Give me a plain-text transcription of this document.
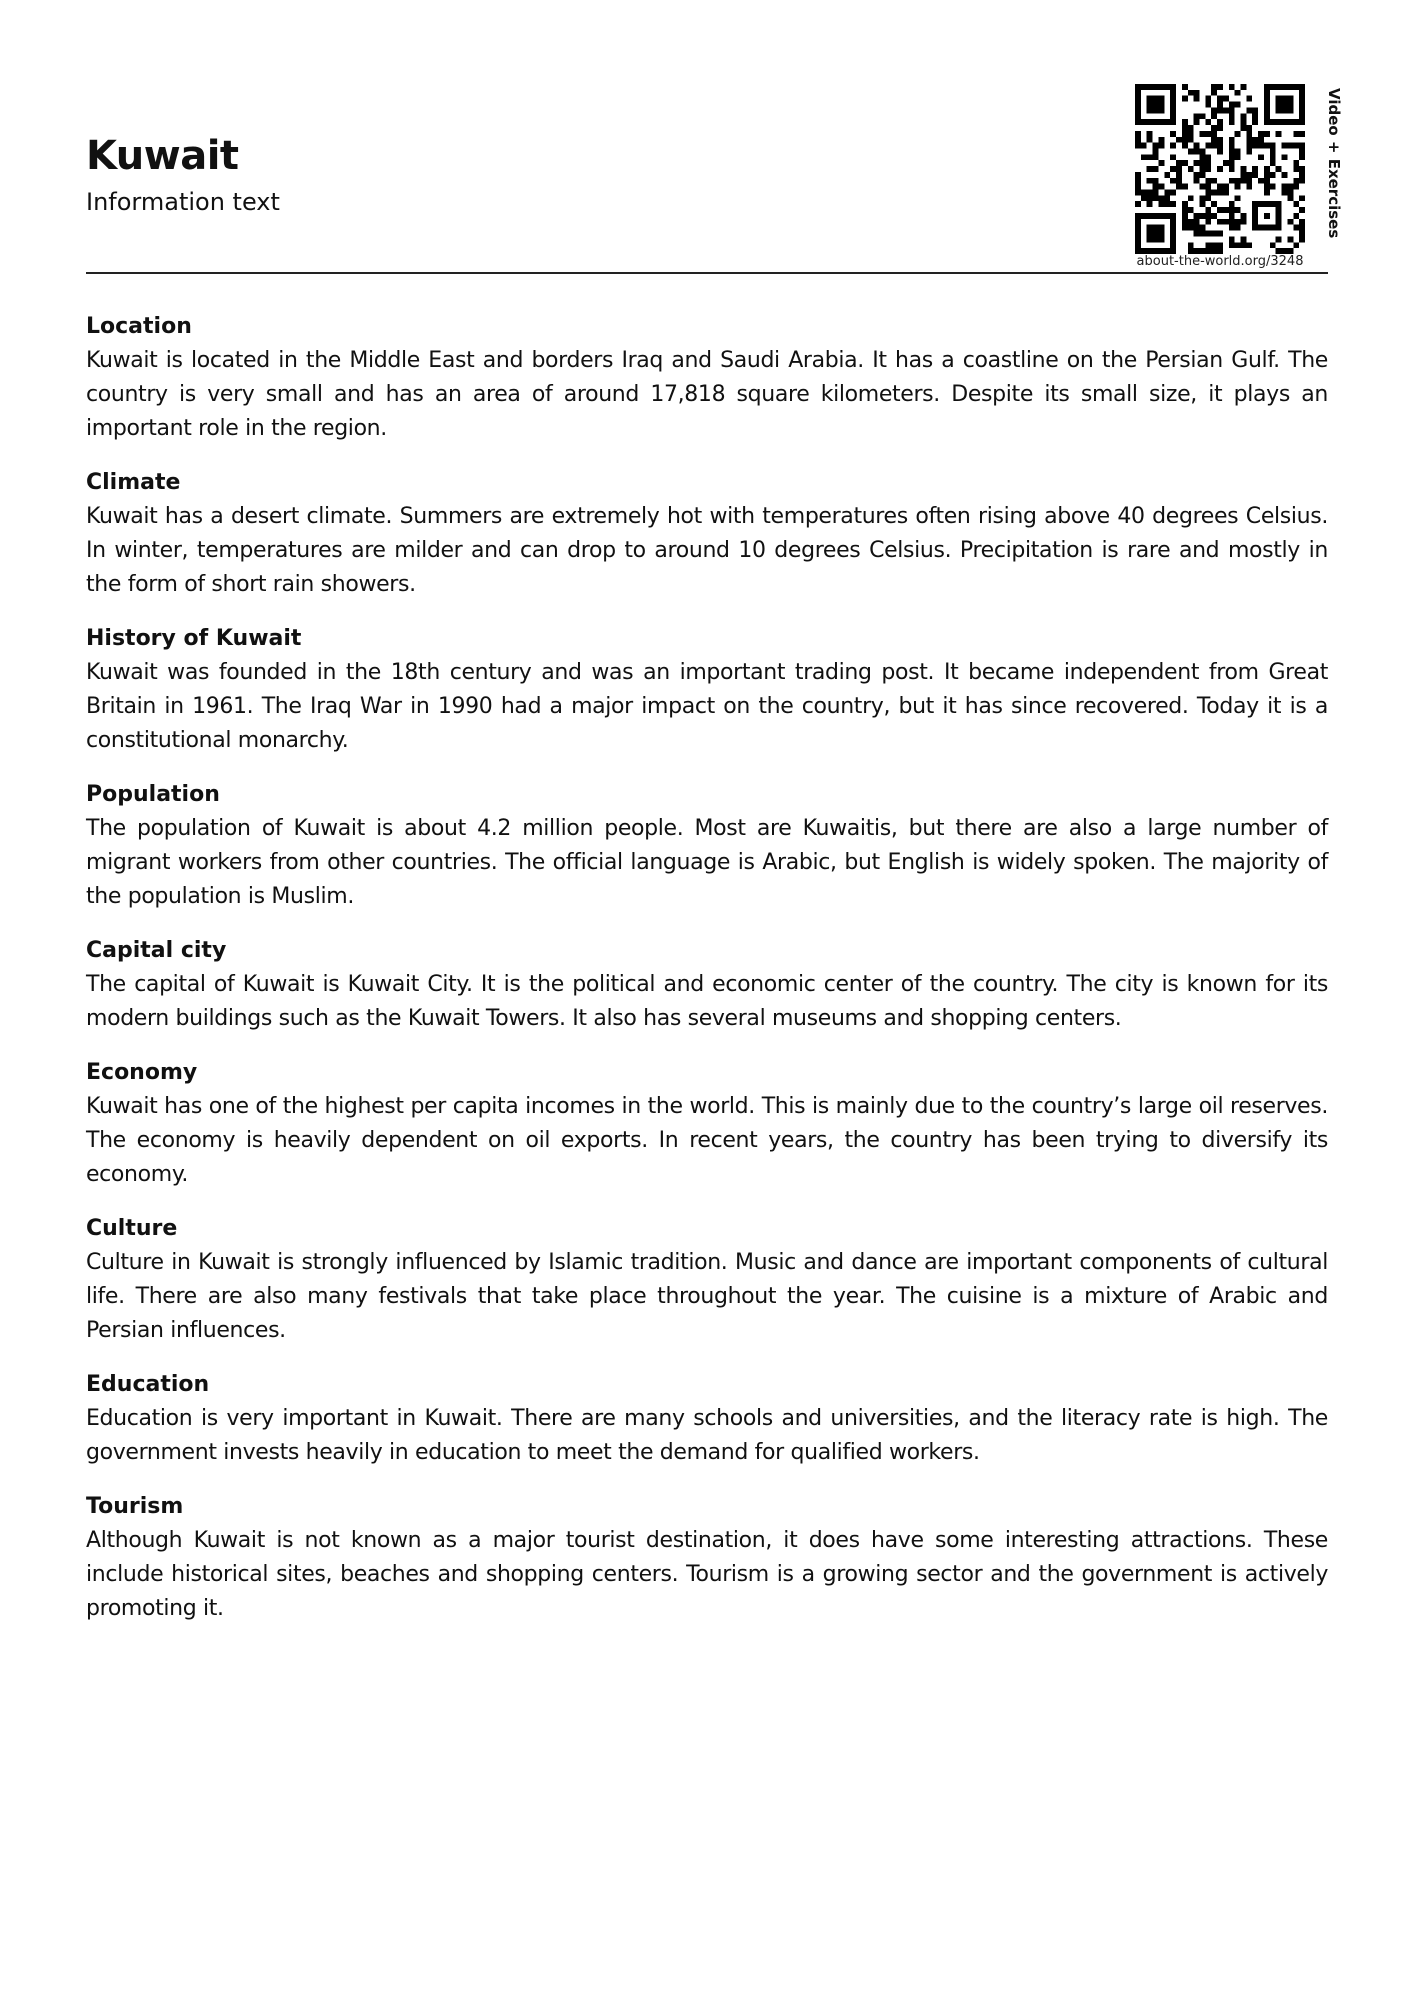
Kuwait
Information text	Video + Exercises
about-the-world.org/3248
Location

Kuwait is located in the Middle East and borders Iraq and Saudi Arabia. It has a coastline on the Persian Gulf. The country is very small and has an area of around 17,818 square kilometers. Despite its small size, it plays an important role in the region.

Climate

Kuwait has a desert climate. Summers are extremely hot with temperatures often rising above 40 degrees Celsius. In winter, temperatures are milder and can drop to around 10 degrees Celsius. Precipitation is rare and mostly in the form of short rain showers.

History of Kuwait

Kuwait was founded in the 18th century and was an important trading post. It became independent from Great Britain in 1961. The Iraq War in 1990 had a major impact on the country, but it has since recovered. Today it is a constitutional monarchy.

Population

The population of Kuwait is about 4.2 million people. Most are Kuwaitis, but there are also a large number of migrant workers from other countries. The official language is Arabic, but English is widely spoken. The majority of the population is Muslim.

Capital city

The capital of Kuwait is Kuwait City. It is the political and economic center of the country. The city is known for its modern buildings such as the Kuwait Towers. It also has several museums and shopping centers.

Economy

Kuwait has one of the highest per capita incomes in the world. This is mainly due to the country’s large oil reserves. The economy is heavily dependent on oil exports. In recent years, the country has been trying to diversify its economy.

Culture

Culture in Kuwait is strongly influenced by Islamic tradition. Music and dance are important components of cultural life. There are also many festivals that take place throughout the year. The cuisine is a mixture of Arabic and Persian influences.

Education

Education is very important in Kuwait. There are many schools and universities, and the literacy rate is high. The government invests heavily in education to meet the demand for qualified workers.

Tourism

Although Kuwait is not known as a major tourist destination, it does have some interesting attractions. These include historical sites, beaches and shopping centers. Tourism is a growing sector and the government is actively promoting it.
